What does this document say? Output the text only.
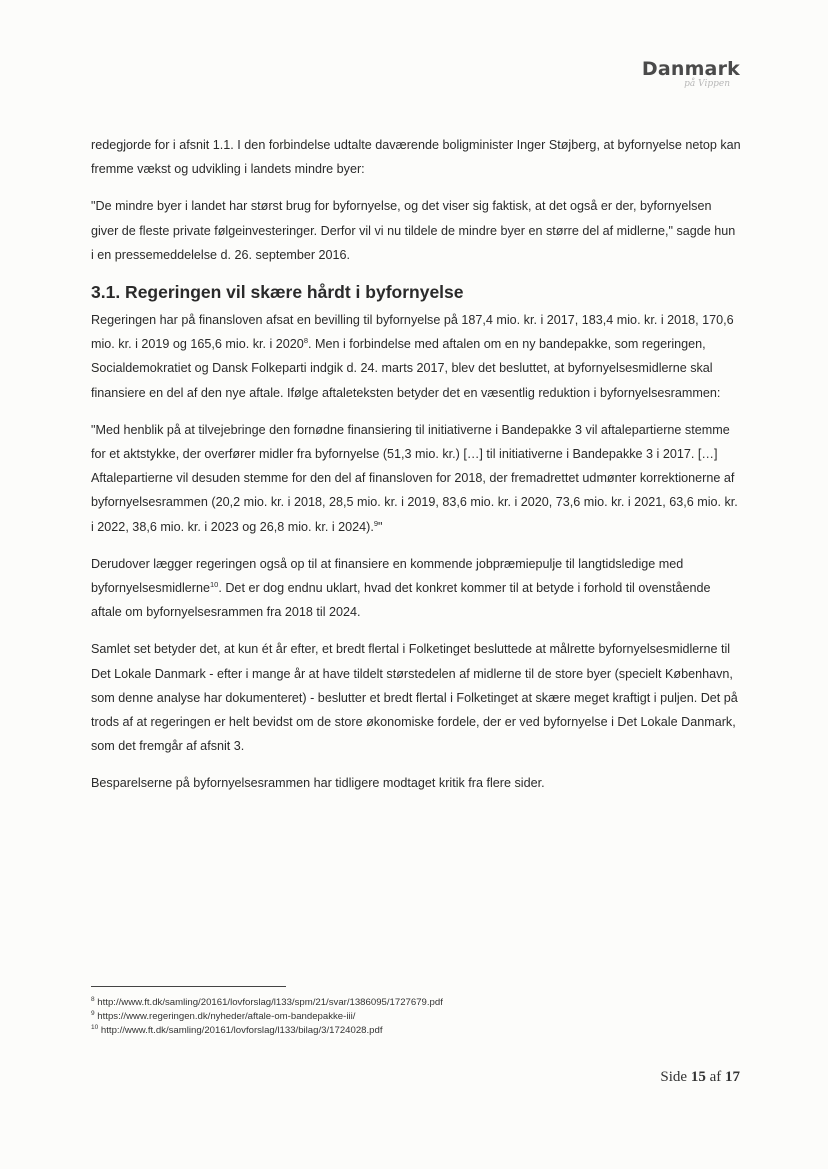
Danmark
på Vippen

redegjorde for i afsnit 1.1. I den forbindelse udtalte daværende boligminister Inger Støjberg, at byfornyelse netop kan fremme vækst og udvikling i landets mindre byer:

"De mindre byer i landet har størst brug for byfornyelse, og det viser sig faktisk, at det også er der, byfornyelsen giver de fleste private følgeinvesteringer. Derfor vil vi nu tildele de mindre byer en større del af midlerne," sagde hun i en pressemeddelelse d. 26. september 2016.

3.1. Regeringen vil skære hårdt i byfornyelse

Regeringen har på finansloven afsat en bevilling til byfornyelse på 187,4 mio. kr. i 2017, 183,4 mio. kr. i 2018, 170,6 mio. kr. i 2019 og 165,6 mio. kr. i 2020$^8$. Men i forbindelse med aftalen om en ny bandepakke, som regeringen, Socialdemokratiet og Dansk Folkeparti indgik d. 24. marts 2017, blev det besluttet, at byfornyelsesmidlerne skal finansiere en del af den nye aftale. Ifølge aftaleteksten betyder det en væsentlig reduktion i byfornyelsesrammen:

"Med henblik på at tilvejebringe den fornødne finansiering til initiativerne i Bandepakke 3 vil aftalepartierne stemme for et aktstykke, der overfører midler fra byfornyelse (51,3 mio. kr.) […] til initiativerne i Bandepakke 3 i 2017. […] Aftalepartierne vil desuden stemme for den del af finansloven for 2018, der fremadrettet udmønter korrektionerne af byfornyelsesrammen (20,2 mio. kr. i 2018, 28,5 mio. kr. i 2019, 83,6 mio. kr. i 2020, 73,6 mio. kr. i 2021, 63,6 mio. kr. i 2022, 38,6 mio. kr. i 2023 og 26,8 mio. kr. i 2024).$^9$"

Derudover lægger regeringen også op til at finansiere en kommende jobpræmiepulje til langtidsledige med byfornyelsesmidlerne$^{10}$. Det er dog endnu uklart, hvad det konkret kommer til at betyde i forhold til ovenstående aftale om byfornyelsesrammen fra 2018 til 2024.

Samlet set betyder det, at kun ét år efter, et bredt flertal i Folketinget besluttede at målrette byfornyelsesmidlerne til Det Lokale Danmark - efter i mange år at have tildelt størstedelen af midlerne til de store byer (specielt København, som denne analyse har dokumenteret) - beslutter et bredt flertal i Folketinget at skære meget kraftigt i puljen. Det på trods af at regeringen er helt bevidst om de store økonomiske fordele, der er ved byfornyelse i Det Lokale Danmark, som det fremgår af afsnit 3.

Besparelserne på byfornyelsesrammen har tidligere modtaget kritik fra flere sider.

$^8$ http://www.ft.dk/samling/20161/lovforslag/l133/spm/21/svar/1386095/1727679.pdf
$^9$ https://www.regeringen.dk/nyheder/aftale-om-bandepakke-iii/
$^{10}$ http://www.ft.dk/samling/20161/lovforslag/l133/bilag/3/1724028.pdf
Side 15 af 17
